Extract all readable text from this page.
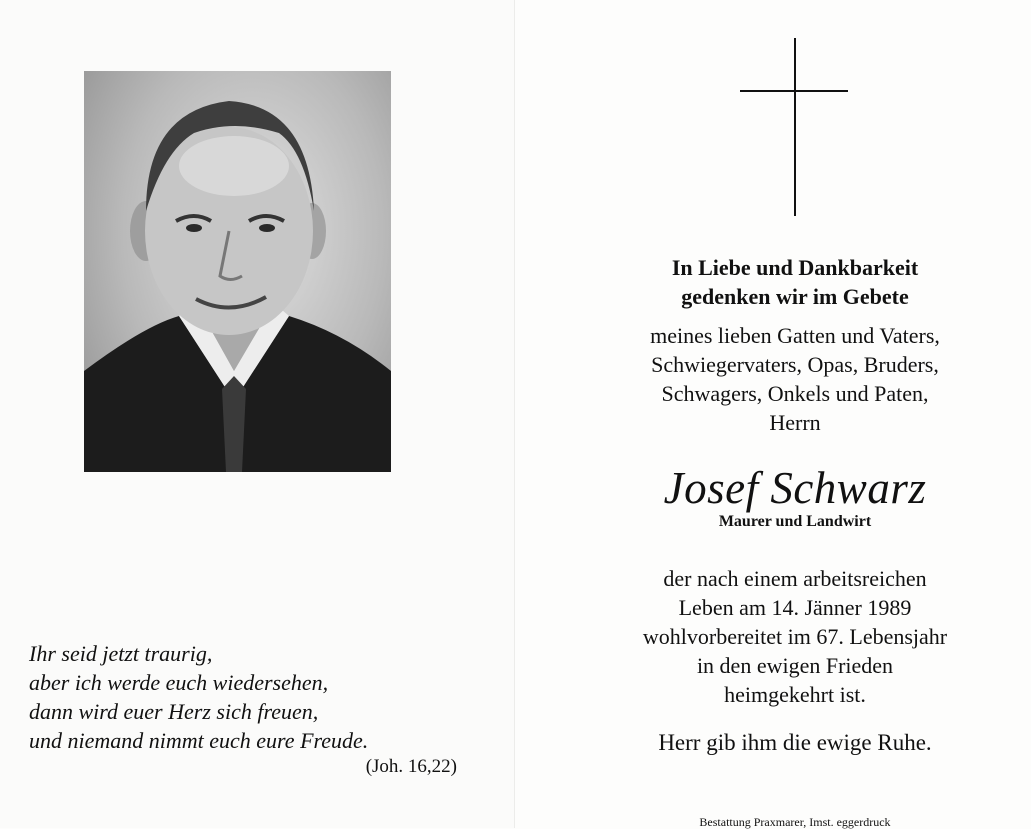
Ihr seid jetzt traurig,
aber ich werde euch wiedersehen,
dann wird euer Herz sich freuen,
und niemand nimmt euch eure Freude.
(Joh. 16,22)
In Liebe und Dankbarkeit
gedenken wir im Gebete
meines lieben Gatten und Vaters,
Schwiegervaters, Opas, Bruders,
Schwagers, Onkels und Paten,
Herrn
Josef Schwarz
Maurer und Landwirt
der nach einem arbeitsreichen
Leben am 14. Jänner 1989
wohlvorbereitet im 67. Lebensjahr
in den ewigen Frieden
heimgekehrt ist.
Herr gib ihm die ewige Ruhe.
Bestattung Praxmarer, Imst. eggerdruck
